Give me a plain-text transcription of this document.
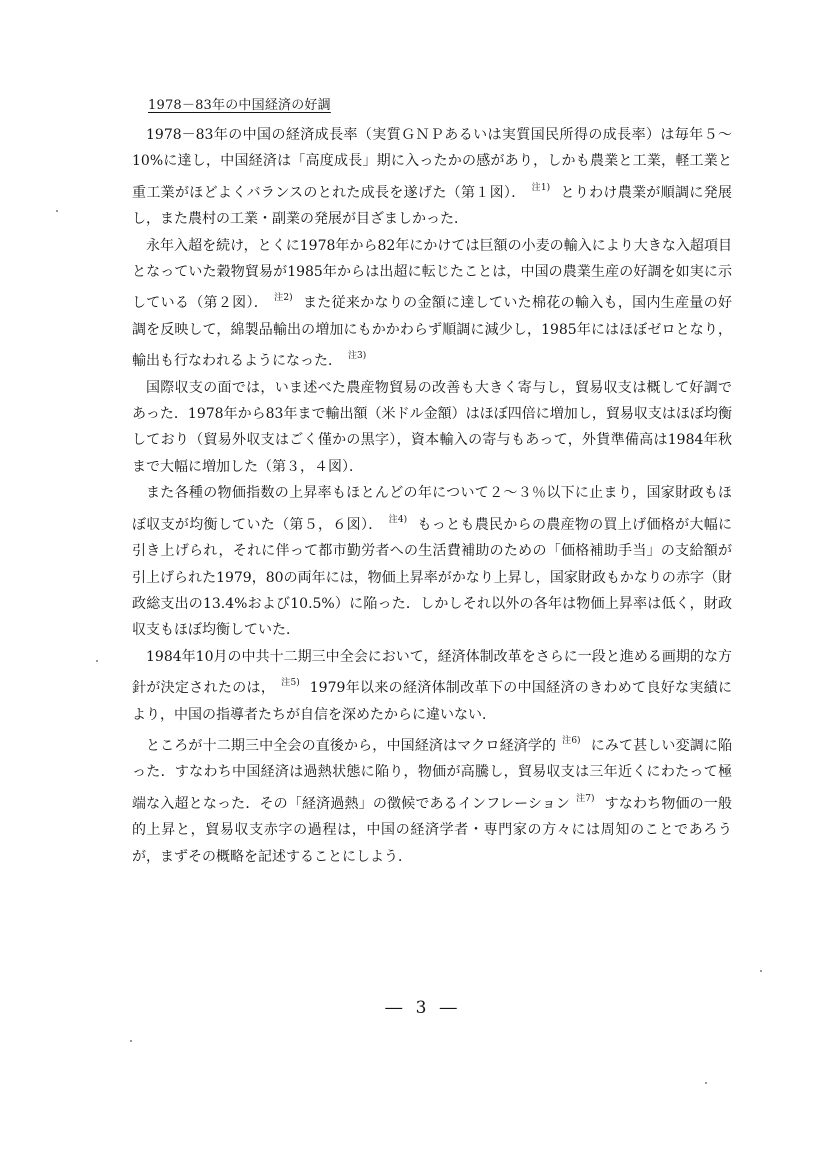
1978－83年の中国経済の好調

1978－83年の中国の経済成長率（実質ＧＮＰあるいは実質国民所得の成長率）は毎年５～10%に達し，中国経済は「高度成長」期に入ったかの感があり，しかも農業と工業，軽工業と重工業がほどよくバランスのとれた成長を遂げた（第１図）． $^{注1)}$ とりわけ農業が順調に発展し，また農村の工業・副業の発展が目ざましかった．

永年入超を続け，とくに1978年から82年にかけては巨額の小麦の輸入により大きな入超項目となっていた穀物貿易が1985年からは出超に転じたことは，中国の農業生産の好調を如実に示している（第２図）． $^{注2)}$ また従来かなりの金額に達していた棉花の輸入も，国内生産量の好調を反映して，綿製品輸出の増加にもかかわらず順調に減少し，1985年にはほぼゼロとなり，輸出も行なわれるようになった． $^{注3)}$

国際収支の面では，いま述べた農産物貿易の改善も大きく寄与し，貿易収支は概して好調であった．1978年から83年まで輸出額（米ドル金額）はほぼ四倍に増加し，貿易収支はほぼ均衡しており（貿易外収支はごく僅かの黒字），資本輸入の寄与もあって，外貨準備高は1984年秋まで大幅に増加した（第３，４図）．

また各種の物価指数の上昇率もほとんどの年について２～３％以下に止まり，国家財政もほぼ収支が均衡していた（第５，６図）． $^{注4)}$ もっとも農民からの農産物の買上げ価格が大幅に引き上げられ，それに伴って都市勤労者への生活費補助のための「価格補助手当」の支給額が引上げられた1979，80の両年には，物価上昇率がかなり上昇し，国家財政もかなりの赤字（財政総支出の13.4%および10.5%）に陥った．しかしそれ以外の各年は物価上昇率は低く，財政収支もほぼ均衡していた．

1984年10月の中共十二期三中全会において，経済体制改革をさらに一段と進める画期的な方針が決定されたのは， $^{注5)}$ 1979年以来の経済体制改革下の中国経済のきわめて良好な実績により，中国の指導者たちが自信を深めたからに違いない．

ところが十二期三中全会の直後から，中国経済はマクロ経済学的 $^{注6)}$ にみて甚しい変調に陥った．すなわち中国経済は過熱状態に陥り，物価が高騰し，貿易収支は三年近くにわたって極端な入超となった．その「経済過熱」の徴候であるインフレーション $^{注7)}$ すなわち物価の一般的上昇と，貿易収支赤字の過程は，中国の経済学者・専門家の方々には周知のことであろうが，まずその概略を記述することにしよう．

― 3 ―
